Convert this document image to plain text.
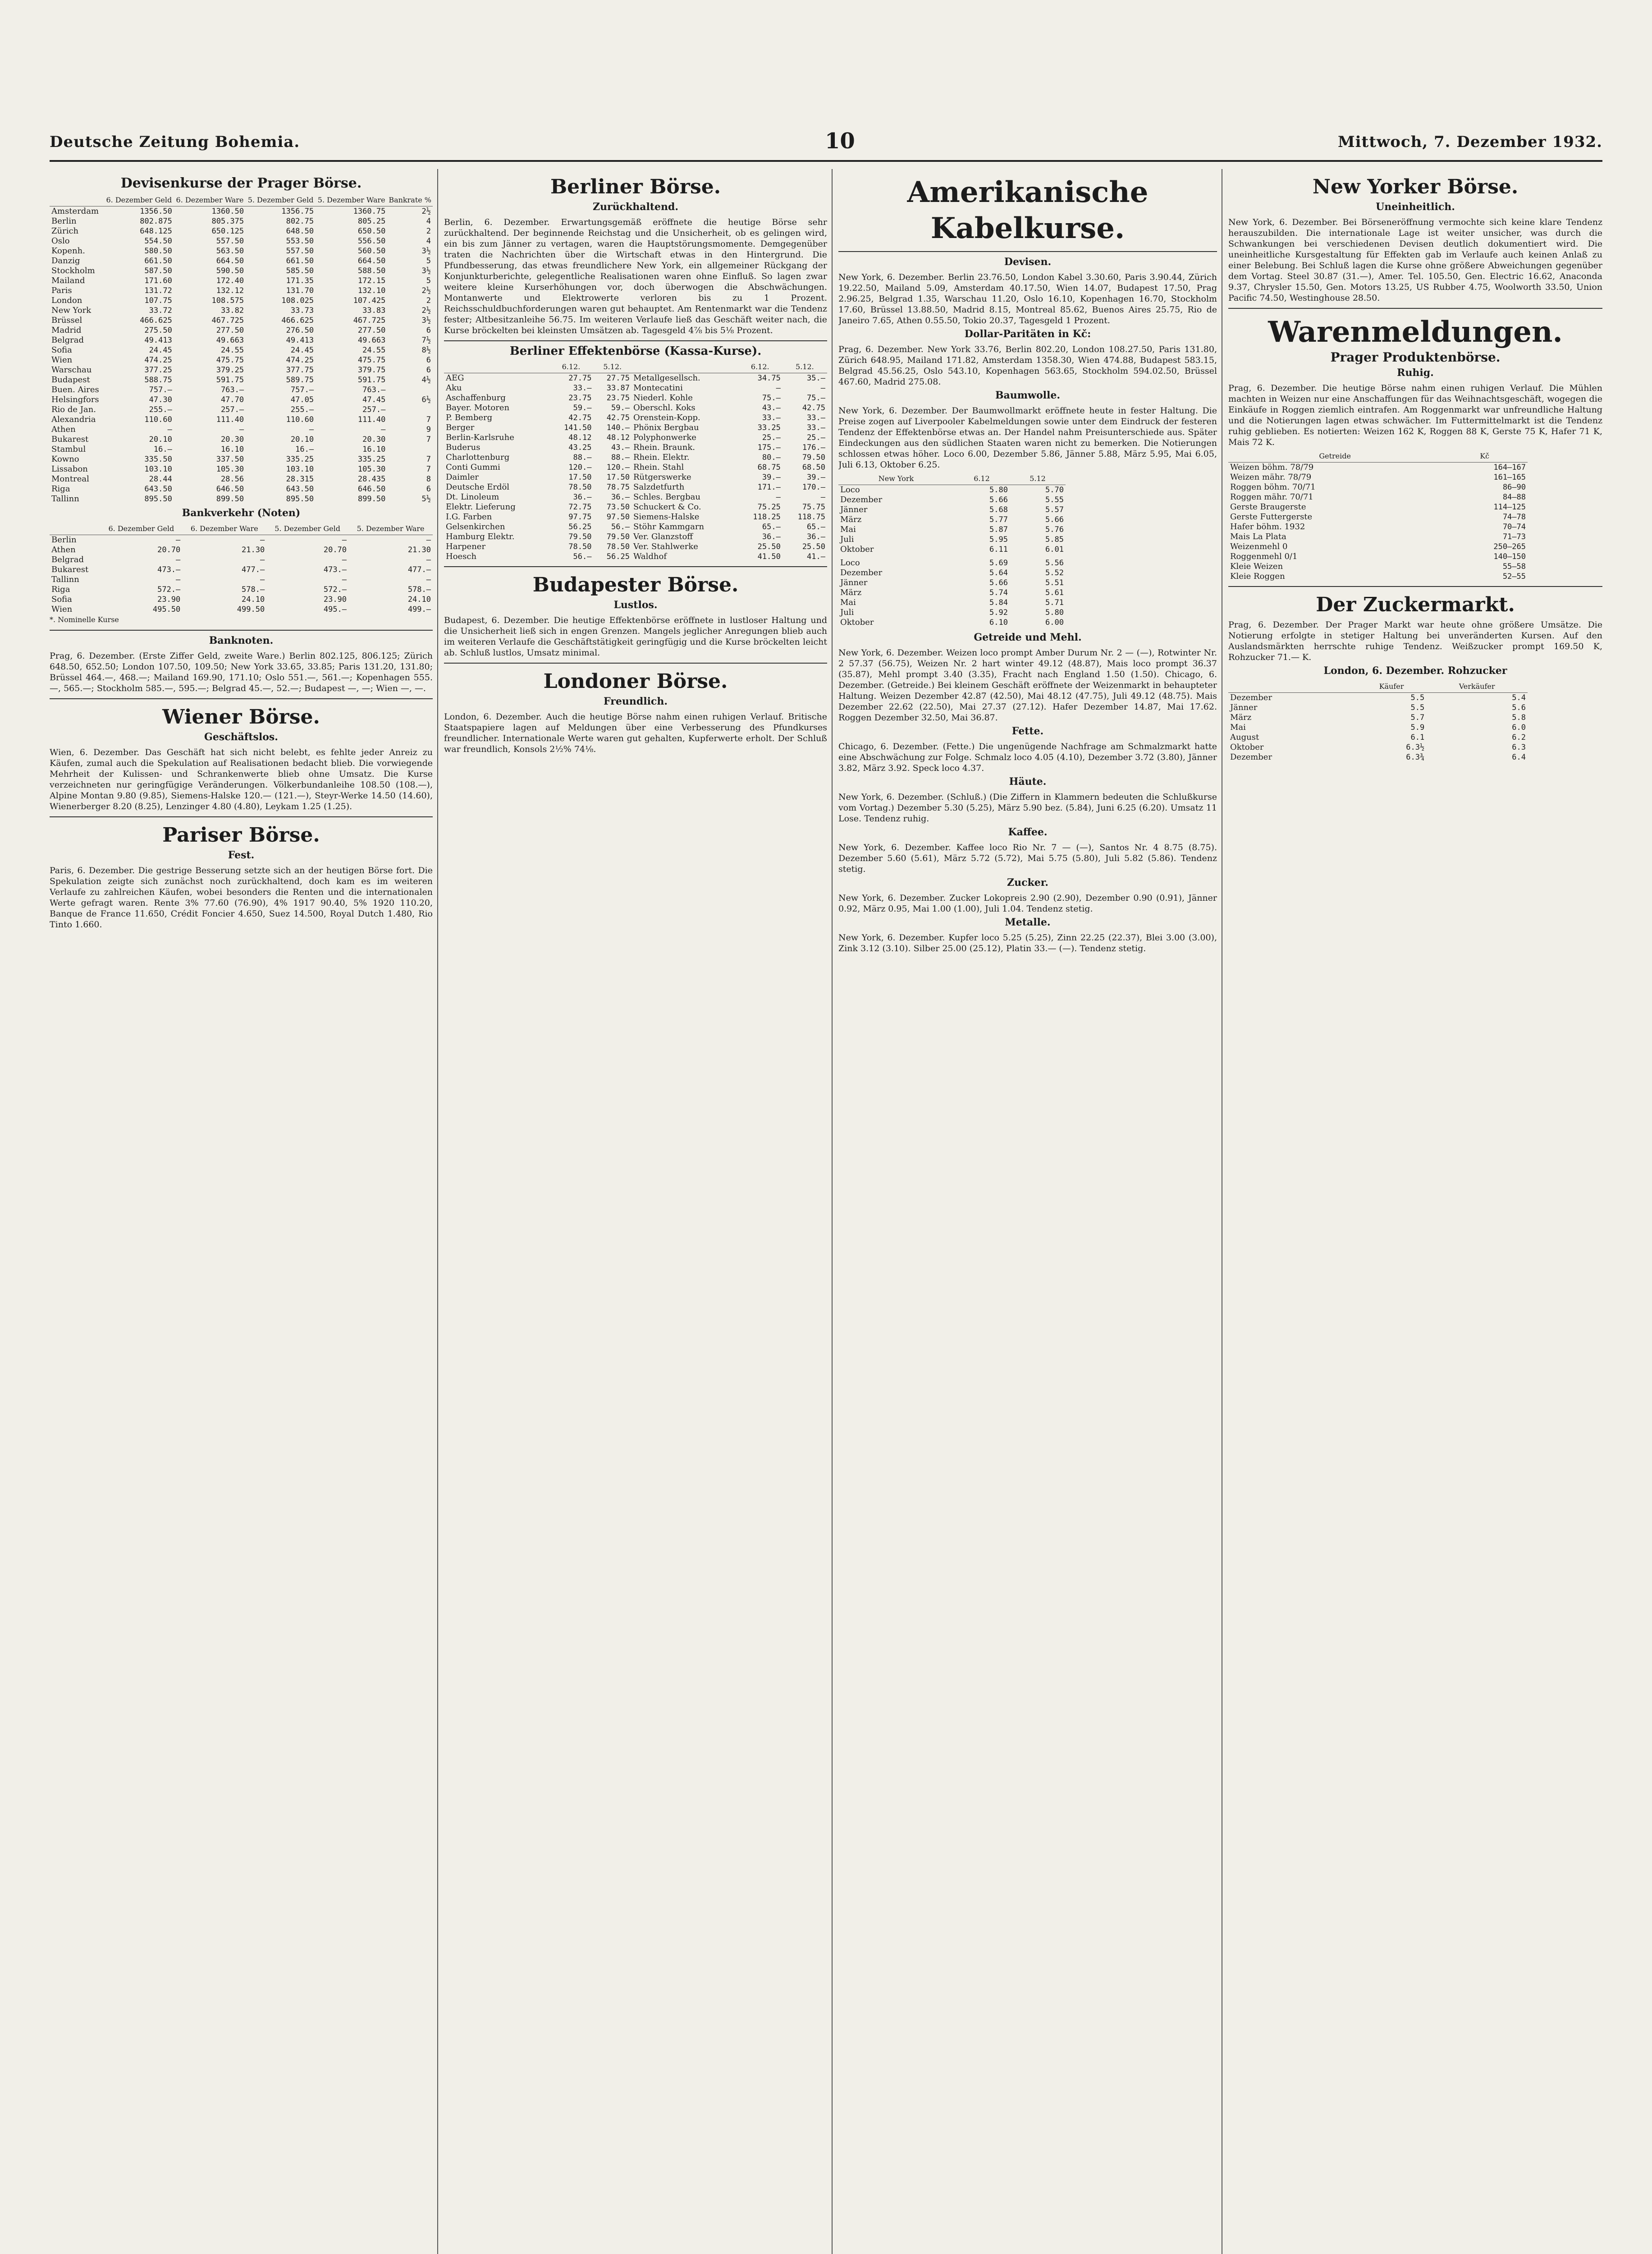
Deutsche Zeitung Bohemia.	10	Mittwoch, 7. Dezember 1932.
Devisenkurse der Prager Börse.
	6. Dezember Geld	6. Dezember Ware	5. Dezember Geld	5. Dezember Ware	Bankrate %
Amsterdam	1356.50	1360.50	1356.75	1360.75	2½
Berlin	802.875	805.375	802.75	805.25	4
Zürich	648.125	650.125	648.50	650.50	2
Oslo	554.50	557.50	553.50	556.50	4
Kopenh.	580.50	563.50	557.50	560.50	3½
Danzig	661.50	664.50	661.50	664.50	5
Stockholm	587.50	590.50	585.50	588.50	3½
Mailand	171.60	172.40	171.35	172.15	5
Paris	131.72	132.12	131.70	132.10	2½
London	107.75	108.575	108.025	107.425	2
New York	33.72	33.82	33.73	33.83	2½
Brüssel	466.625	467.725	466.625	467.725	3½
Madrid	275.50	277.50	276.50	277.50	6
Belgrad	49.413	49.663	49.413	49.663	7½
Sofia	24.45	24.55	24.45	24.55	8½
Wien	474.25	475.75	474.25	475.75	6
Warschau	377.25	379.25	377.75	379.75	6
Budapest	588.75	591.75	589.75	591.75	4½
Buen. Aires	757.—	763.—	757.—	763.—	
Helsingfors	47.30	47.70	47.05	47.45	6½
Rio de Jan.	255.—	257.—	255.—	257.—	
Alexandria	110.60	111.40	110.60	111.40	7
Athen	—	—	—	—	9
Bukarest	20.10	20.30	20.10	20.30	7
Stambul	16.—	16.10	16.—	16.10	
Kowno	335.50	337.50	335.25	335.25	7
Lissabon	103.10	105.30	103.10	105.30	7
Montreal	28.44	28.56	28.315	28.435	8
Riga	643.50	646.50	643.50	646.50	6
Tallinn	895.50	899.50	895.50	899.50	5½
Bankverkehr (Noten)
	6. Dezember Geld	6. Dezember Ware	5. Dezember Geld	5. Dezember Ware
Berlin	—	—	—	—
Athen	20.70	21.30	20.70	21.30
Belgrad	—	—	—	—
Bukarest	473.—	477.—	473.—	477.—
Tallinn	—	—	—	—
Riga	572.—	578.—	572.—	578.—
Sofia	23.90	24.10	23.90	24.10
Wien	495.50	499.50	495.—	499.—
*. Nominelle Kurse
Banknoten.

Prag, 6. Dezember. (Erste Ziffer Geld, zweite Ware.) Berlin 802.125, 806.125; Zürich 648.50, 652.50; London 107.50, 109.50; New York 33.65, 33.85; Paris 131.20, 131.80; Brüssel 464.—, 468.—; Mailand 169.90, 171.10; Oslo 551.—, 561.—; Kopenhagen 555.—, 565.—; Stockholm 585.—, 595.—; Belgrad 45.—, 52.—; Budapest —, —; Wien —, —.

Wiener Börse.
Geschäftslos.

Wien, 6. Dezember. Das Geschäft hat sich nicht belebt, es fehlte jeder Anreiz zu Käufen, zumal auch die Spekulation auf Realisationen bedacht blieb. Die vorwiegende Mehrheit der Kulissen- und Schrankenwerte blieb ohne Umsatz. Die Kurse verzeichneten nur geringfügige Veränderungen. Völkerbundanleihe 108.50 (108.—), Alpine Montan 9.80 (9.85), Siemens-Halske 120.— (121.—), Steyr-Werke 14.50 (14.60), Wienerberger 8.20 (8.25), Lenzinger 4.80 (4.80), Leykam 1.25 (1.25).

Pariser Börse.
Fest.

Paris, 6. Dezember. Die gestrige Besserung setzte sich an der heutigen Börse fort. Die Spekulation zeigte sich zunächst noch zurückhaltend, doch kam es im weiteren Verlaufe zu zahlreichen Käufen, wobei besonders die Renten und die internationalen Werte gefragt waren. Rente 3% 77.60 (76.90), 4% 1917 90.40, 5% 1920 110.20, Banque de France 11.650, Crédit Foncier 4.650, Suez 14.500, Royal Dutch 1.480, Rio Tinto 1.660.

Berliner Börse.
Zurückhaltend.

Berlin, 6. Dezember. Erwartungsgemäß eröffnete die heutige Börse sehr zurückhaltend. Der beginnende Reichstag und die Unsicherheit, ob es gelingen wird, ein bis zum Jänner zu vertagen, waren die Hauptstörungsmomente. Demgegenüber traten die Nachrichten über die Wirtschaft etwas in den Hintergrund. Die Pfundbesserung, das etwas freundlichere New York, ein allgemeiner Rückgang der Konjunkturberichte, gelegentliche Realisationen waren ohne Einfluß. So lagen zwar weitere kleine Kurserhöhungen vor, doch überwogen die Abschwächungen. Montanwerte und Elektrowerte verloren bis zu 1 Prozent. Reichsschuldbuchforderungen waren gut behauptet. Am Rentenmarkt war die Tendenz fester; Altbesitzanleihe 56.75. Im weiteren Verlaufe ließ das Geschäft weiter nach, die Kurse bröckelten bei kleinsten Umsätzen ab. Tagesgeld 4⅞ bis 5⅛ Prozent.

Berliner Effektenbörse (Kassa-Kurse).
	6.12.	5.12.		6.12.	5.12.
AEG	27.75	27.75	Metallgesellsch.	34.75	35.—
Aku	33.—	33.87	Montecatini	—	—
Aschaffenburg	23.75	23.75	Niederl. Kohle	75.—	75.—
Bayer. Motoren	59.—	59.—	Oberschl. Koks	43.—	42.75
P. Bemberg	42.75	42.75	Orenstein-Kopp.	33.—	33.—
Berger	141.50	140.—	Phönix Bergbau	33.25	33.—
Berlin-Karlsruhe	48.12	48.12	Polyphonwerke	25.—	25.—
Buderus	43.25	43.—	Rhein. Braunk.	175.—	176.—
Charlottenburg	88.—	88.—	Rhein. Elektr.	80.—	79.50
Conti Gummi	120.—	120.—	Rhein. Stahl	68.75	68.50
Daimler	17.50	17.50	Rütgerswerke	39.—	39.—
Deutsche Erdöl	78.50	78.75	Salzdetfurth	171.—	170.—
Dt. Linoleum	36.—	36.—	Schles. Bergbau	—	—
Elektr. Lieferung	72.75	73.50	Schuckert & Co.	75.25	75.75
I.G. Farben	97.75	97.50	Siemens-Halske	118.25	118.75
Gelsenkirchen	56.25	56.—	Stöhr Kammgarn	65.—	65.—
Hamburg Elektr.	79.50	79.50	Ver. Glanzstoff	36.—	36.—
Harpener	78.50	78.50	Ver. Stahlwerke	25.50	25.50
Hoesch	56.—	56.25	Waldhof	41.50	41.—
Budapester Börse.
Lustlos.

Budapest, 6. Dezember. Die heutige Effektenbörse eröffnete in lustloser Haltung und die Unsicherheit ließ sich in engen Grenzen. Mangels jeglicher Anregungen blieb auch im weiteren Verlaufe die Geschäftstätigkeit geringfügig und die Kurse bröckelten leicht ab. Schluß lustlos, Umsatz minimal.

Londoner Börse.
Freundlich.

London, 6. Dezember. Auch die heutige Börse nahm einen ruhigen Verlauf. Britische Staatspapiere lagen auf Meldungen über eine Verbesserung des Pfundkurses freundlicher. Internationale Werte waren gut gehalten, Kupferwerte erholt. Der Schluß war freundlich, Konsols 2½% 74⅛.

Amerikanische Kabelkurse.
Devisen.

New York, 6. Dezember. Berlin 23.76.50, London Kabel 3.30.60, Paris 3.90.44, Zürich 19.22.50, Mailand 5.09, Amsterdam 40.17.50, Wien 14.07, Budapest 17.50, Prag 2.96.25, Belgrad 1.35, Warschau 11.20, Oslo 16.10, Kopenhagen 16.70, Stockholm 17.60, Brüssel 13.88.50, Madrid 8.15, Montreal 85.62, Buenos Aires 25.75, Rio de Janeiro 7.65, Athen 0.55.50, Tokio 20.37, Tagesgeld 1 Prozent.

Dollar-Paritäten in Kč:

Prag, 6. Dezember. New York 33.76, Berlin 802.20, London 108.27.50, Paris 131.80, Zürich 648.95, Mailand 171.82, Amsterdam 1358.30, Wien 474.88, Budapest 583.15, Belgrad 45.56.25, Oslo 543.10, Kopenhagen 563.65, Stockholm 594.02.50, Brüssel 467.60, Madrid 275.08.

Baumwolle.

New York, 6. Dezember. Der Baumwollmarkt eröffnete heute in fester Haltung. Die Preise zogen auf Liverpooler Kabelmeldungen sowie unter dem Eindruck der festeren Tendenz der Effektenbörse etwas an. Der Handel nahm Preisunterschiede aus. Später Eindeckungen aus den südlichen Staaten waren nicht zu bemerken. Die Notierungen schlossen etwas höher. Loco 6.00, Dezember 5.86, Jänner 5.88, März 5.95, Mai 6.05, Juli 6.13, Oktober 6.25.

New York	6.12	5.12
Loco	5.80	5.70
Dezember	5.66	5.55
Jänner	5.68	5.57
März	5.77	5.66
Mai	5.87	5.76
Juli	5.95	5.85
Oktober	6.11	6.01
Loco	5.69	5.56
Dezember	5.64	5.52
Jänner	5.66	5.51
März	5.74	5.61
Mai	5.84	5.71
Juli	5.92	5.80
Oktober	6.10	6.00
Getreide und Mehl.

New York, 6. Dezember. Weizen loco prompt Amber Durum Nr. 2 — (—), Rotwinter Nr. 2 57.37 (56.75), Weizen Nr. 2 hart winter 49.12 (48.87), Mais loco prompt 36.37 (35.87), Mehl prompt 3.40 (3.35), Fracht nach England 1.50 (1.50). Chicago, 6. Dezember. (Getreide.) Bei kleinem Geschäft eröffnete der Weizenmarkt in behaupteter Haltung. Weizen Dezember 42.87 (42.50), Mai 48.12 (47.75), Juli 49.12 (48.75). Mais Dezember 22.62 (22.50), Mai 27.37 (27.12). Hafer Dezember 14.87, Mai 17.62. Roggen Dezember 32.50, Mai 36.87.

Fette.

Chicago, 6. Dezember. (Fette.) Die ungenügende Nachfrage am Schmalzmarkt hatte eine Abschwächung zur Folge. Schmalz loco 4.05 (4.10), Dezember 3.72 (3.80), Jänner 3.82, März 3.92. Speck loco 4.37.

Häute.

New York, 6. Dezember. (Schluß.) (Die Ziffern in Klammern bedeuten die Schlußkurse vom Vortag.) Dezember 5.30 (5.25), März 5.90 bez. (5.84), Juni 6.25 (6.20). Umsatz 11 Lose. Tendenz ruhig.

Kaffee.

New York, 6. Dezember. Kaffee loco Rio Nr. 7 — (—), Santos Nr. 4 8.75 (8.75). Dezember 5.60 (5.61), März 5.72 (5.72), Mai 5.75 (5.80), Juli 5.82 (5.86). Tendenz stetig.

Zucker.

New York, 6. Dezember. Zucker Lokopreis 2.90 (2.90), Dezember 0.90 (0.91), Jänner 0.92, März 0.95, Mai 1.00 (1.00), Juli 1.04. Tendenz stetig.

Metalle.

New York, 6. Dezember. Kupfer loco 5.25 (5.25), Zinn 22.25 (22.37), Blei 3.00 (3.00), Zink 3.12 (3.10). Silber 25.00 (25.12), Platin 33.— (—). Tendenz stetig.

New Yorker Börse.
Uneinheitlich.

New York, 6. Dezember. Bei Börseneröffnung vermochte sich keine klare Tendenz herauszubilden. Die internationale Lage ist weiter unsicher, was durch die Schwankungen bei verschiedenen Devisen deutlich dokumentiert wird. Die uneinheitliche Kursgestaltung für Effekten gab im Verlaufe auch keinen Anlaß zu einer Belebung. Bei Schluß lagen die Kurse ohne größere Abweichungen gegenüber dem Vortag. Steel 30.87 (31.—), Amer. Tel. 105.50, Gen. Electric 16.62, Anaconda 9.37, Chrysler 15.50, Gen. Motors 13.25, US Rubber 4.75, Woolworth 33.50, Union Pacific 74.50, Westinghouse 28.50.

Warenmeldungen.
Prager Produktenbörse.
Ruhig.

Prag, 6. Dezember. Die heutige Börse nahm einen ruhigen Verlauf. Die Mühlen machten in Weizen nur eine Anschaffungen für das Weihnachtsgeschäft, wogegen die Einkäufe in Roggen ziemlich eintrafen. Am Roggenmarkt war unfreundliche Haltung und die Notierungen lagen etwas schwächer. Im Futtermittelmarkt ist die Tendenz ruhig geblieben. Es notierten: Weizen 162 K, Roggen 88 K, Gerste 75 K, Hafer 71 K, Mais 72 K.

Getreide	Kč
Weizen böhm. 78/79	164—167
Weizen mähr. 78/79	161—165
Roggen böhm. 70/71	86—90
Roggen mähr. 70/71	84—88
Gerste Braugerste	114—125
Gerste Futtergerste	74—78
Hafer böhm. 1932	70—74
Mais La Plata	71—73
Weizenmehl 0	250—265
Roggenmehl 0/1	140—150
Kleie Weizen	55—58
Kleie Roggen	52—55
Der Zuckermarkt.

Prag, 6. Dezember. Der Prager Markt war heute ohne größere Umsätze. Die Notierung erfolgte in stetiger Haltung bei unveränderten Kursen. Auf den Auslandsmärkten herrschte ruhige Tendenz. Weißzucker prompt 169.50 K, Rohzucker 71.— K.

London, 6. Dezember. Rohzucker
	Käufer	Verkäufer
Dezember	5.5	5.4
Jänner	5.5	5.6
März	5.7	5.8
Mai	5.9	6.0
August	6.1	6.2
Oktober	6.3½	6.3
Dezember	6.3¾	6.4
